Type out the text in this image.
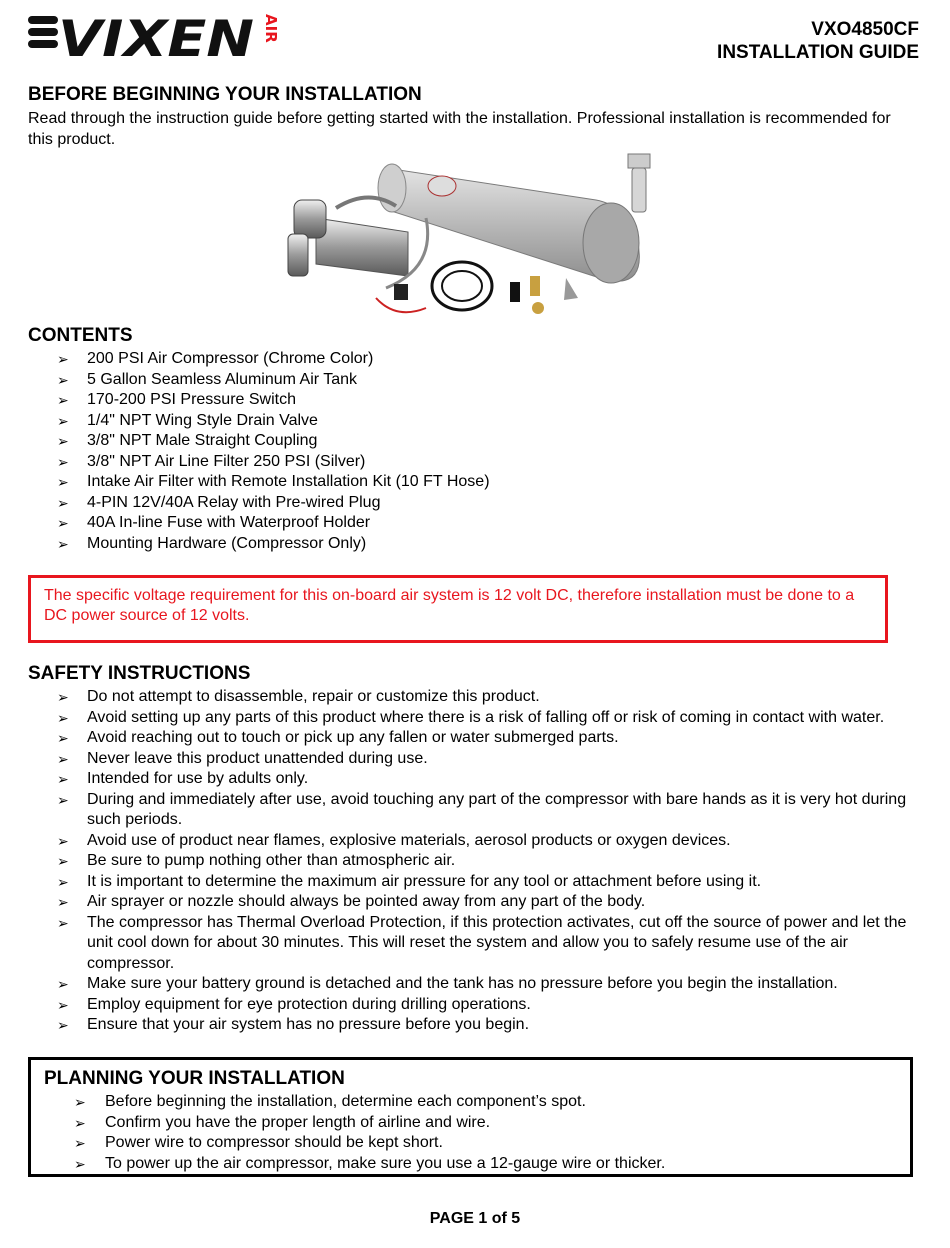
VIXEN AIR	VXO4850CF
INSTALLATION GUIDE
BEFORE BEGINNING YOUR INSTALLATION

Read through the instruction guide before getting started with the installation. Professional installation is recommended for this product.

CONTENTS
➢ 200 PSI Air Compressor (Chrome Color)
➢ 5 Gallon Seamless Aluminum Air Tank
➢ 170-200 PSI Pressure Switch
➢ 1/4" NPT Wing Style Drain Valve
➢ 3/8" NPT Male Straight Coupling
➢ 3/8" NPT Air Line Filter 250 PSI (Silver)
➢ Intake Air Filter with Remote Installation Kit (10 FT Hose)
➢ 4-PIN 12V/40A Relay with Pre-wired Plug
➢ 40A In-line Fuse with Waterproof Holder
➢ Mounting Hardware (Compressor Only)

The specific voltage requirement for this on-board air system is 12 volt DC, therefore installation must be done to a DC power source of 12 volts.

SAFETY INSTRUCTIONS
➢ Do not attempt to disassemble, repair or customize this product.
➢ Avoid setting up any parts of this product where there is a risk of falling off or risk of coming in contact with water.
➢ Avoid reaching out to touch or pick up any fallen or water submerged parts.
➢ Never leave this product unattended during use.
➢ Intended for use by adults only.
➢ During and immediately after use, avoid touching any part of the compressor with bare hands as it is very hot during such periods.
➢ Avoid use of product near flames, explosive materials, aerosol products or oxygen devices.
➢ Be sure to pump nothing other than atmospheric air.
➢ It is important to determine the maximum air pressure for any tool or attachment before using it.
➢ Air sprayer or nozzle should always be pointed away from any part of the body.
➢ The compressor has Thermal Overload Protection, if this protection activates, cut off the source of power and let the unit cool down for about 30 minutes. This will reset the system and allow you to safely resume use of the air compressor.
➢ Make sure your battery ground is detached and the tank has no pressure before you begin the installation.
➢ Employ equipment for eye protection during drilling operations.
➢ Ensure that your air system has no pressure before you begin.
PLANNING YOUR INSTALLATION
➢ Before beginning the installation, determine each component’s spot.
➢ Confirm you have the proper length of airline and wire.
➢ Power wire to compressor should be kept short.
➢ To power up the air compressor, make sure you use a 12-gauge wire or thicker.
PAGE 1 of 5
